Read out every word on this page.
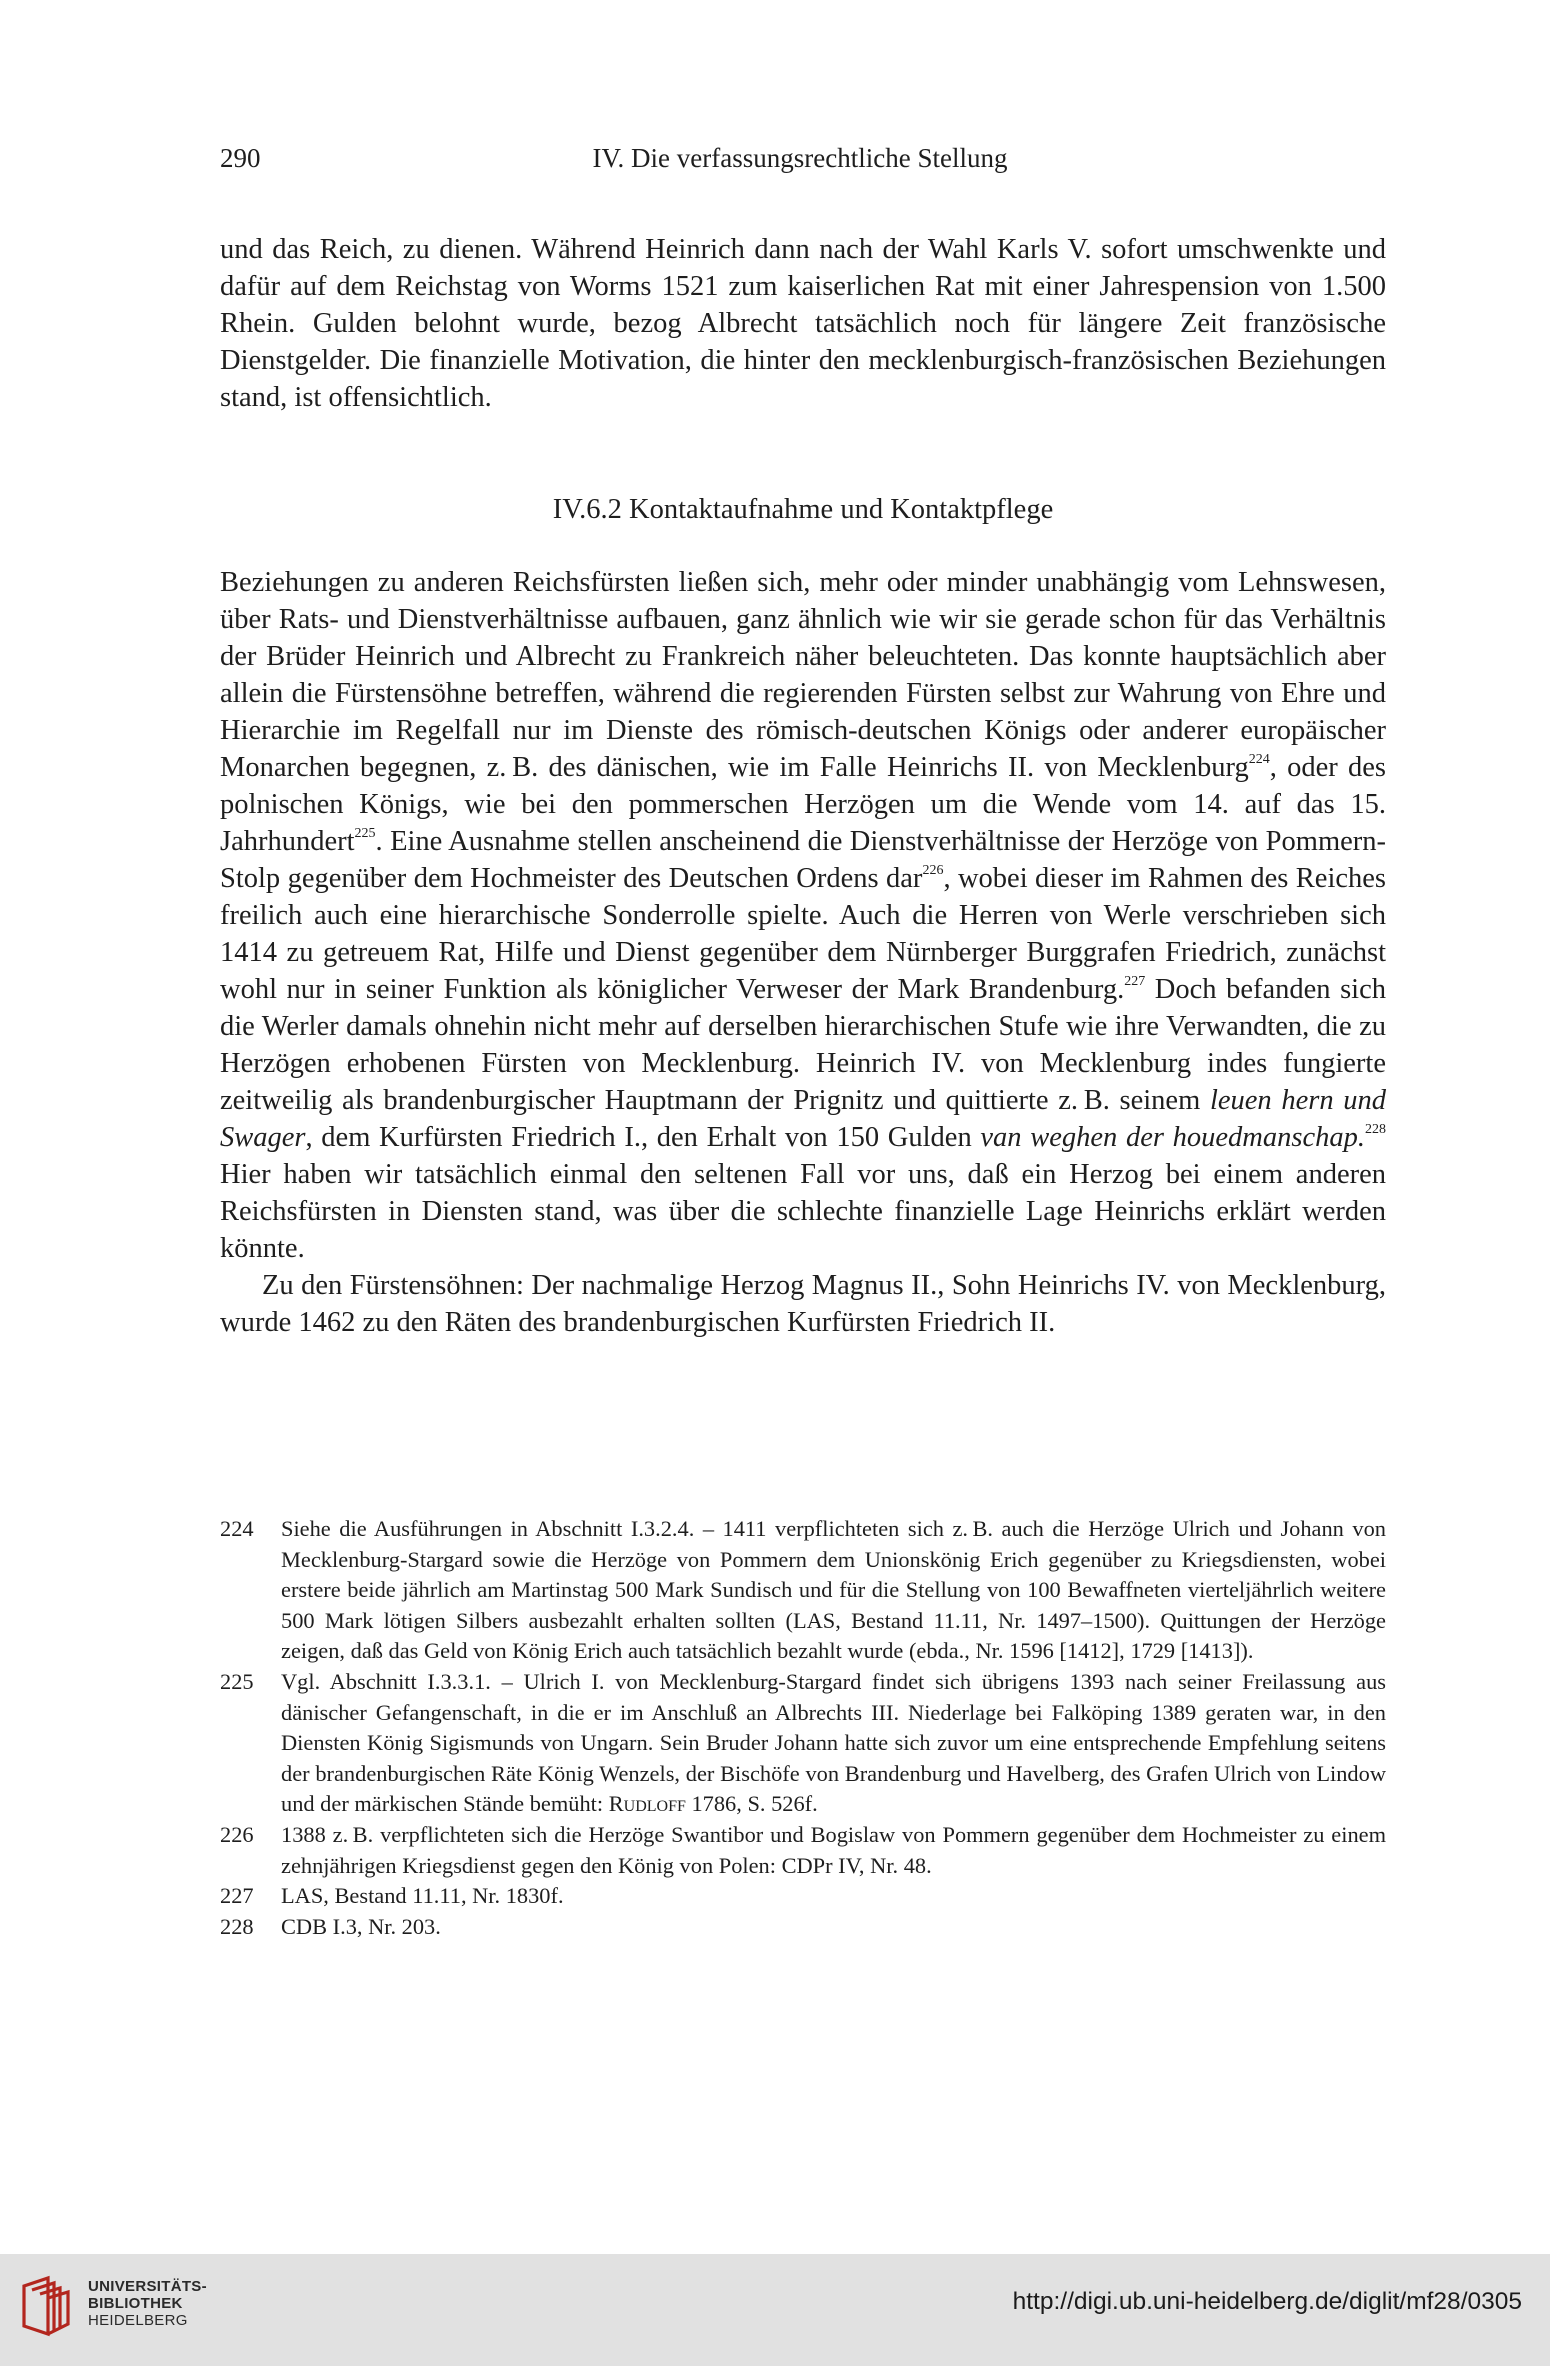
290	IV. Die verfassungsrechtliche Stellung

und das Reich, zu dienen. Während Heinrich dann nach der Wahl Karls V. sofort umschwenkte und dafür auf dem Reichstag von Worms 1521 zum kaiserlichen Rat mit einer Jahrespension von 1.500 Rhein. Gulden belohnt wurde, bezog Albrecht tatsächlich noch für längere Zeit französische Dienstgelder. Die finanzielle Motivation, die hinter den mecklenburgisch-französischen Beziehungen stand, ist offensichtlich.

IV.6.2 Kontaktaufnahme und Kontaktpflege

Beziehungen zu anderen Reichsfürsten ließen sich, mehr oder minder unabhängig vom Lehnswesen, über Rats- und Dienstverhältnisse aufbauen, ganz ähnlich wie wir sie gerade schon für das Verhältnis der Brüder Heinrich und Albrecht zu Frankreich näher beleuchteten. Das konnte hauptsächlich aber allein die Fürstensöhne betreffen, während die regierenden Fürsten selbst zur Wahrung von Ehre und Hierarchie im Regelfall nur im Dienste des römisch-deutschen Königs oder anderer europäischer Monarchen begegnen, z. B. des dänischen, wie im Falle Heinrichs II. von Mecklenburg$^{224}$, oder des polnischen Königs, wie bei den pommerschen Herzögen um die Wende vom 14. auf das 15. Jahrhundert$^{225}$. Eine Ausnahme stellen anscheinend die Dienstverhältnisse der Herzöge von Pommern-Stolp gegenüber dem Hochmeister des Deutschen Ordens dar$^{226}$, wobei dieser im Rahmen des Reiches freilich auch eine hierarchische Sonderrolle spielte. Auch die Herren von Werle verschrieben sich 1414 zu getreuem Rat, Hilfe und Dienst gegenüber dem Nürnberger Burggrafen Friedrich, zunächst wohl nur in seiner Funktion als königlicher Verweser der Mark Brandenburg.$^{227}$ Doch befanden sich die Werler damals ohnehin nicht mehr auf derselben hierarchischen Stufe wie ihre Verwandten, die zu Herzögen erhobenen Fürsten von Mecklenburg. Heinrich IV. von Mecklenburg indes fungierte zeitweilig als brandenburgischer Hauptmann der Prignitz und quittierte z. B. seinem leuen hern und Swager, dem Kurfürsten Friedrich I., den Erhalt von 150 Gulden van weghen der houedmanschap.$^{228}$ Hier haben wir tatsächlich einmal den seltenen Fall vor uns, daß ein Herzog bei einem anderen Reichsfürsten in Diensten stand, was über die schlechte finanzielle Lage Heinrichs erklärt werden könnte.

Zu den Fürstensöhnen: Der nachmalige Herzog Magnus II., Sohn Heinrichs IV. von Mecklenburg, wurde 1462 zu den Räten des brandenburgischen Kurfürsten Friedrich II.

224 Siehe die Ausführungen in Abschnitt I.3.2.4. – 1411 verpflichteten sich z. B. auch die Herzöge Ulrich und Johann von Mecklenburg-Stargard sowie die Herzöge von Pommern dem Unionskönig Erich gegenüber zu Kriegsdiensten, wobei erstere beide jährlich am Martinstag 500 Mark Sundisch und für die Stellung von 100 Bewaffneten vierteljährlich weitere 500 Mark lötigen Silbers ausbezahlt erhalten sollten (LAS, Bestand 11.11, Nr. 1497–1500). Quittungen der Herzöge zeigen, daß das Geld von König Erich auch tatsächlich bezahlt wurde (ebda., Nr. 1596 [1412], 1729 [1413]).
225 Vgl. Abschnitt I.3.3.1. – Ulrich I. von Mecklenburg-Stargard findet sich übrigens 1393 nach seiner Freilassung aus dänischer Gefangenschaft, in die er im Anschluß an Albrechts III. Niederlage bei Falköping 1389 geraten war, in den Diensten König Sigismunds von Ungarn. Sein Bruder Johann hatte sich zuvor um eine entsprechende Empfehlung seitens der brandenburgischen Räte König Wenzels, der Bischöfe von Brandenburg und Havelberg, des Grafen Ulrich von Lindow und der märkischen Stände bemüht: Rudloff 1786, S. 526f.
226 1388 z. B. verpflichteten sich die Herzöge Swantibor und Bogislaw von Pommern gegenüber dem Hochmeister zu einem zehnjährigen Kriegsdienst gegen den König von Polen: CDPr IV, Nr. 48.
227 LAS, Bestand 11.11, Nr. 1830f.
228 CDB I.3, Nr. 203.
UNIVERSITÄTS-
BIBLIOTHEK
HEIDELBERG
http://digi.ub.uni-heidelberg.de/diglit/mf28/0305
